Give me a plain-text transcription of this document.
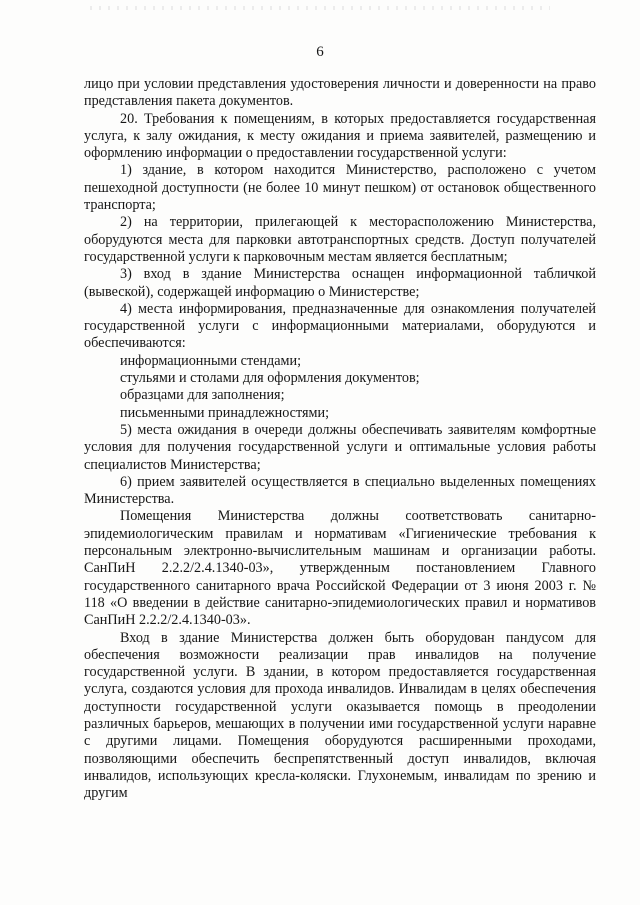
6

лицо при условии представления удостоверения личности и доверенности на право представления пакета документов.

20. Требования к помещениям, в которых предоставляется государственная услуга, к залу ожидания, к месту ожидания и приема заявителей, размещению и оформлению информации о предоставлении государственной услуги:

1) здание, в котором находится Министерство, расположено с учетом пешеходной доступности (не более 10 минут пешком) от остановок общественного транспорта;

2) на территории, прилегающей к месторасположению Министерства, оборудуются места для парковки автотранспортных средств. Доступ получателей государственной услуги к парковочным местам является бесплатным;

3) вход в здание Министерства оснащен информационной табличкой (вывеской), содержащей информацию о Министерстве;

4) места информирования, предназначенные для ознакомления получателей государственной услуги с информационными материалами, оборудуются и обеспечиваются:

информационными стендами;

стульями и столами для оформления документов;

образцами для заполнения;

письменными принадлежностями;

5) места ожидания в очереди должны обеспечивать заявителям комфортные условия для получения государственной услуги и оптимальные условия работы специалистов Министерства;

6) прием заявителей осуществляется в специально выделенных помещениях Министерства.

Помещения Министерства должны соответствовать санитарно-эпидемиологическим правилам и нормативам «Гигиенические требования к персональным электронно-вычислительным машинам и организации работы. СанПиН 2.2.2/2.4.1340-03», утвержденным постановлением Главного государственного санитарного врача Российской Федерации от 3 июня 2003 г. № 118 «О введении в действие санитарно-эпидемиологических правил и нормативов СанПиН 2.2.2/2.4.1340-03».

Вход в здание Министерства должен быть оборудован пандусом для обеспечения возможности реализации прав инвалидов на получение государственной услуги. В здании, в котором предоставляется государственная услуга, создаются условия для прохода инвалидов. Инвалидам в целях обеспечения доступности государственной услуги оказывается помощь в преодолении различных барьеров, мешающих в получении ими государственной услуги наравне с другими лицами. Помещения оборудуются расширенными проходами, позволяющими обеспечить беспрепятственный доступ инвалидов, включая инвалидов, использующих кресла-коляски. Глухонемым, инвалидам по зрению и другим
